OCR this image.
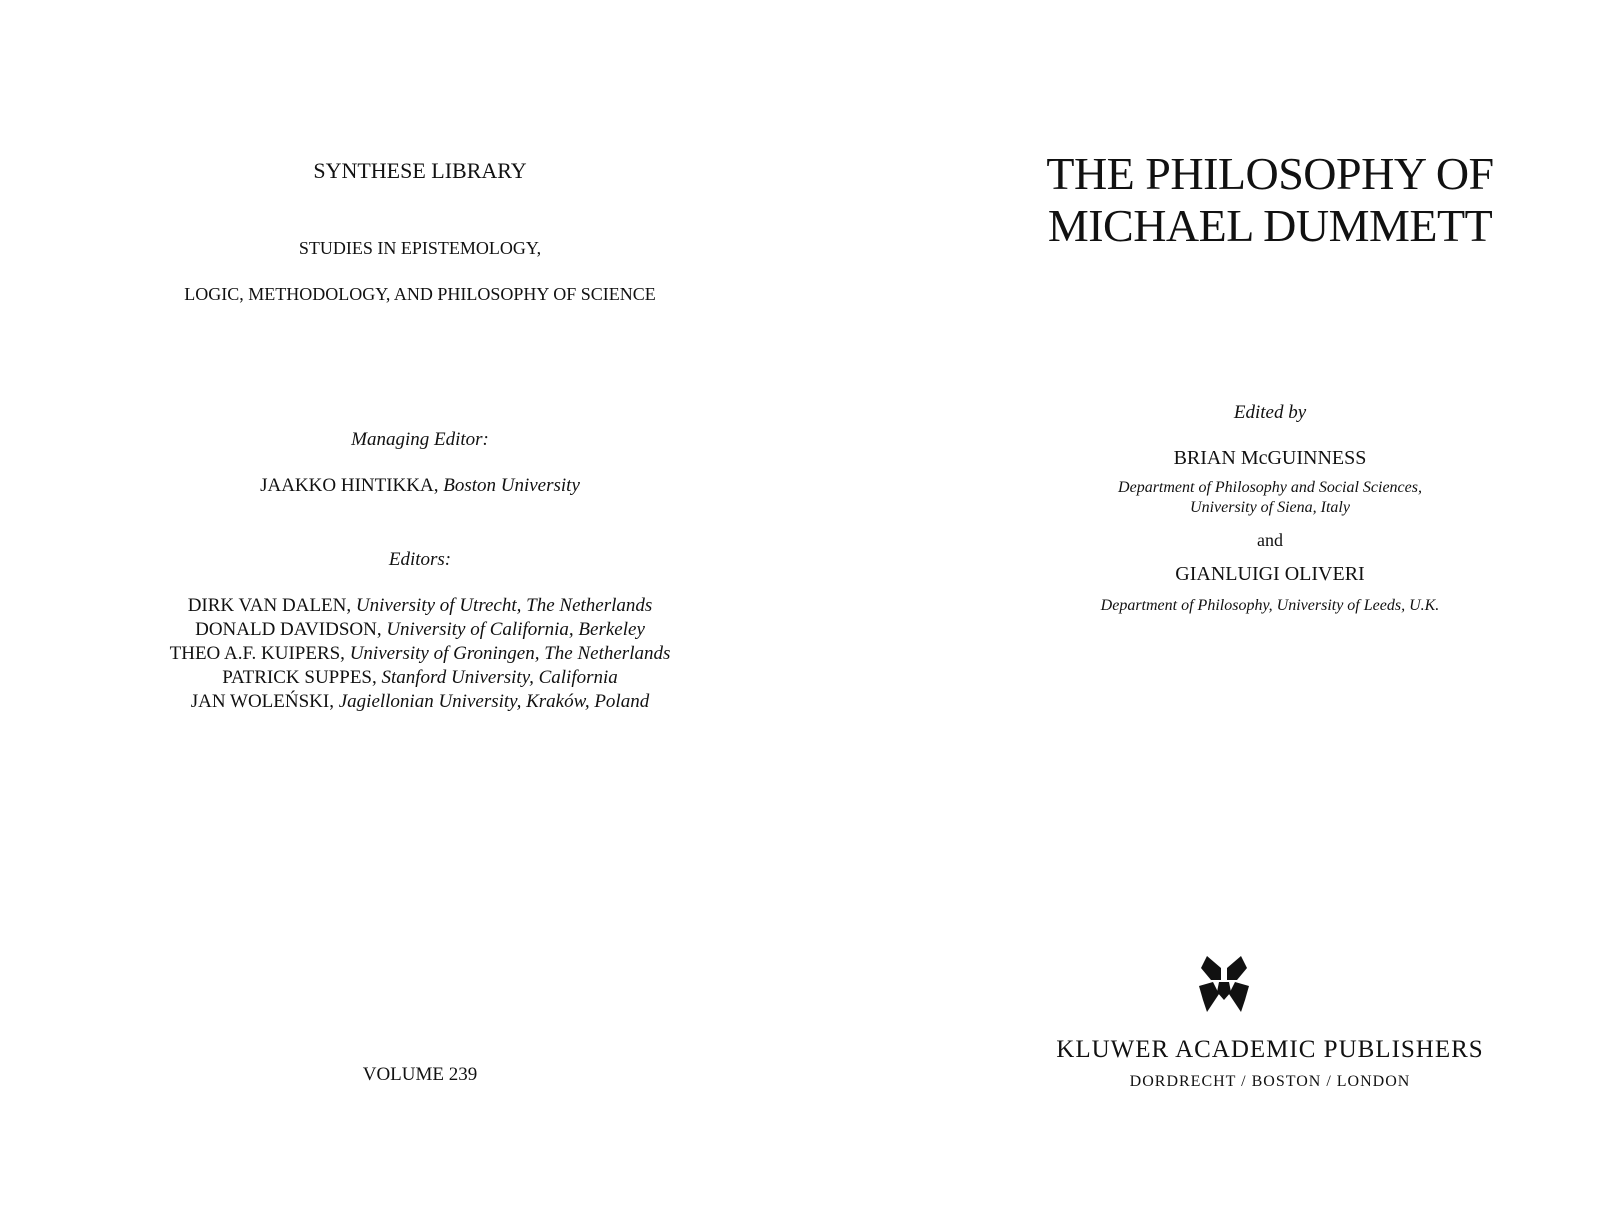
SYNTHESE LIBRARY
STUDIES IN EPISTEMOLOGY,
LOGIC, METHODOLOGY, AND PHILOSOPHY OF SCIENCE
Managing Editor:
JAAKKO HINTIKKA, Boston University
Editors:
DIRK VAN DALEN, University of Utrecht, The Netherlands
DONALD DAVIDSON, University of California, Berkeley
THEO A.F. KUIPERS, University of Groningen, The Netherlands
PATRICK SUPPES, Stanford University, California
JAN WOLEŃSKI, Jagiellonian University, Kraków, Poland
VOLUME 239
THE PHILOSOPHY OF
MICHAEL DUMMETT
Edited by
BRIAN McGUINNESS
Department of Philosophy and Social Sciences,
University of Siena, Italy
and
GIANLUIGI OLIVERI
Department of Philosophy, University of Leeds, U.K.
KLUWER ACADEMIC PUBLISHERS
DORDRECHT / BOSTON / LONDON
